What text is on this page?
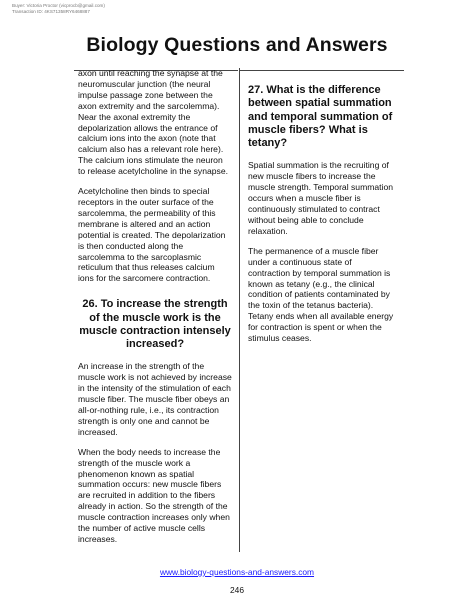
Buyer: Victoria Proctor (vicprocb@gmail.com)
Transaction ID: 4KS71358RY6468887
Biology Questions and Answers

axon until reaching the synapse at the neuromuscular junction (the neural impulse passage zone between the axon extremity and the sarcolemma). Near the axonal extremity the depolarization allows the entrance of calcium ions into the axon (note that calcium also has a relevant role here). The calcium ions stimulate the neuron to release acetylcholine in the synapse.

Acetylcholine then binds to special receptors in the outer surface of the sarcolemma, the permeability of this membrane is altered and an action potential is created. The depolarization is then conducted along the sarcolemma to the sarcoplasmic reticulum that thus releases calcium ions for the sarcomere contraction.

26. To increase the strength of the muscle work is the muscle contraction intensely increased?

An increase in the strength of the muscle work is not achieved by increase in the intensity of the stimulation of each muscle fiber. The muscle fiber obeys an all-or-nothing rule, i.e., its contraction strength is only one and cannot be increased.

When the body needs to increase the strength of the muscle work a phenomenon known as spatial summation occurs: new muscle fibers are recruited in addition to the fibers already in action. So the strength of the muscle contraction increases only when the number of active muscle cells increases.

27. What is the difference between spatial summation and temporal summation of muscle fibers? What is tetany?

Spatial summation is the recruiting of new muscle fibers to increase the muscle strength. Temporal summation occurs when a muscle fiber is continuously stimulated to contract without being able to conclude relaxation.

The permanence of a muscle fiber under a continuous state of contraction by temporal summation is known as tetany (e.g., the clinical condition of patients contaminated by the toxin of the tetanus bacteria). Tetany ends when all available energy for contraction is spent or when the stimulus ceases.

www.biology-questions-and-answers.com
246
